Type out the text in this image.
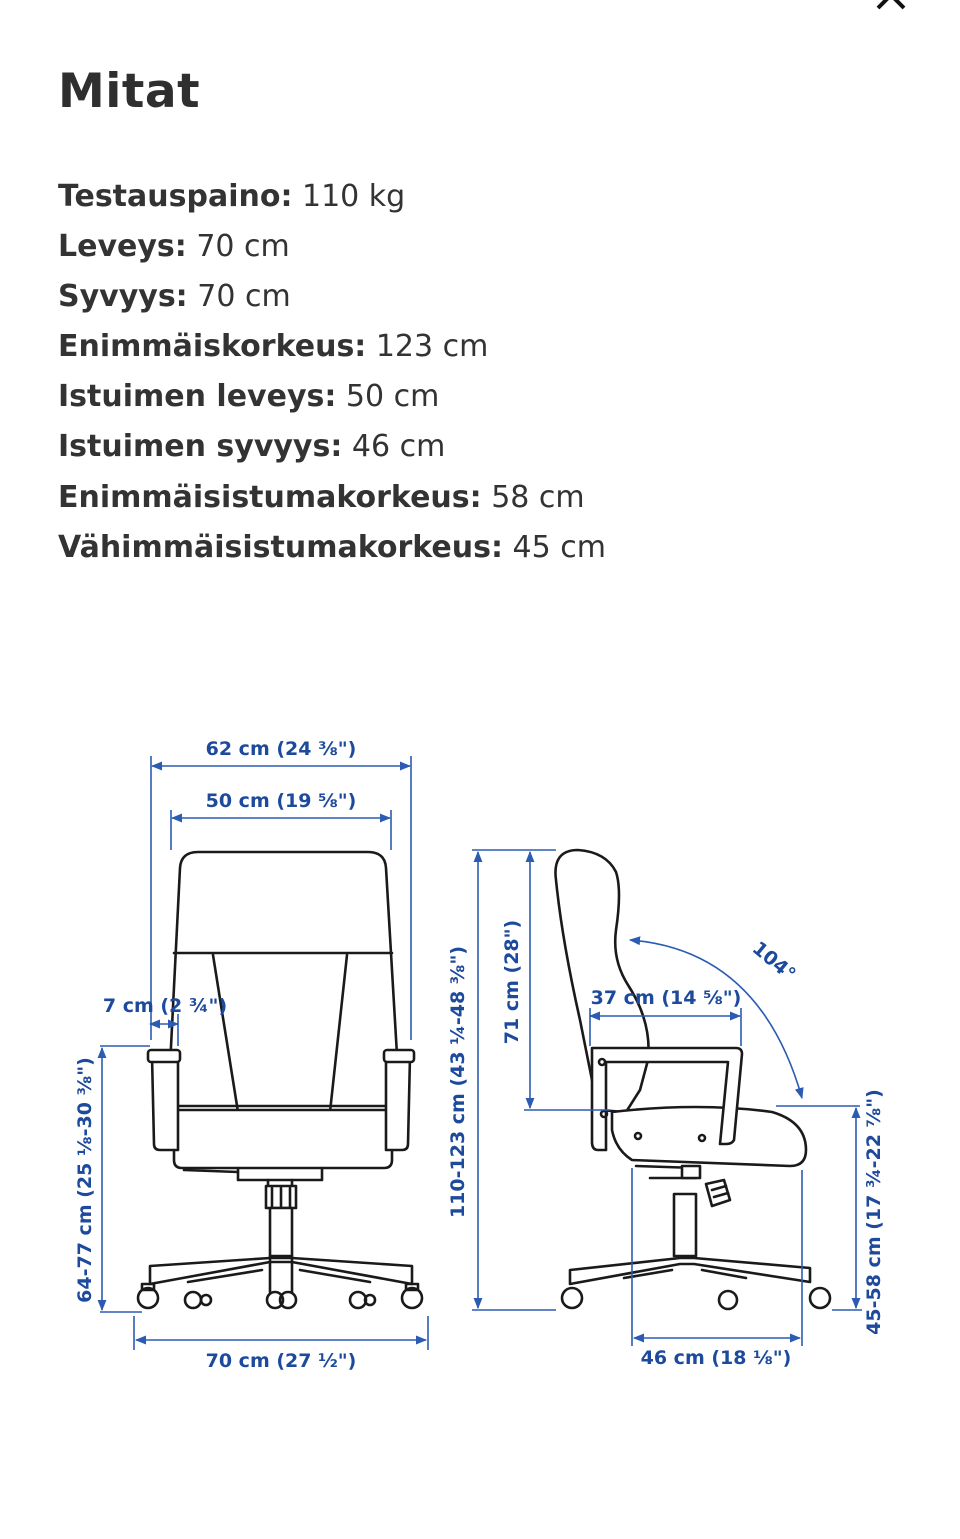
Mitat
Testauspaino: 110 kg
Leveys: 70 cm
Syvyys: 70 cm
Enimmäiskorkeus: 123 cm
Istuimen leveys: 50 cm
Istuimen syvyys: 46 cm
Enimmäisistumakorkeus: 58 cm
Vähimmäisistumakorkeus: 45 cm
62 cm (24 ⅜")
50 cm (19 ⅝")
7 cm (2 ¾")
64-77 cm (25 ⅛-30 ⅜")
70 cm (27 ½")
110-123 cm (43 ¼-48 ⅜") 71 cm (28")	37 cm (14 ⅝")
104°
45-58 cm (17 ¾-22 ⅞")
46 cm (18 ⅛")
